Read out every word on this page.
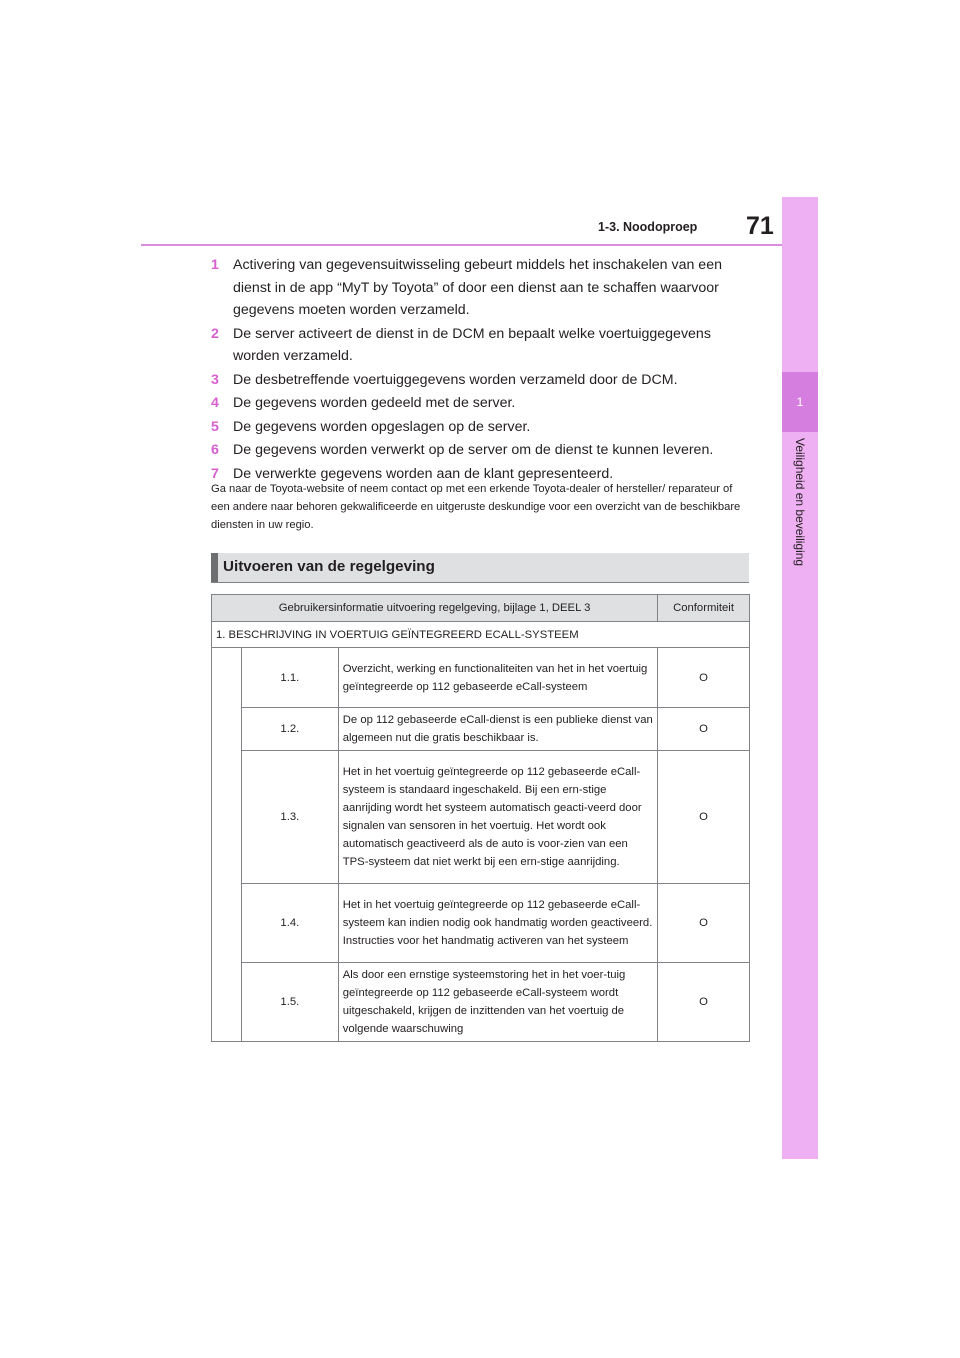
1
Veiligheid en beveiliging
1-3. Noodoproep 71
1 Activering van gegevensuitwisseling gebeurt middels het inschakelen van een dienst in de app “MyT by Toyota” of door een dienst aan te schaffen waarvoor gegevens moeten worden verzameld.
2 De server activeert de dienst in de DCM en bepaalt welke voertuiggegevens worden verzameld.
3 De desbetreffende voertuiggegevens worden verzameld door de DCM.
4 De gegevens worden gedeeld met de server.
5 De gegevens worden opgeslagen op de server.
6 De gegevens worden verwerkt op de server om de dienst te kunnen leveren.
7 De verwerkte gegevens worden aan de klant gepresenteerd.
Ga naar de Toyota-website of neem contact op met een erkende Toyota-dealer of hersteller/ reparateur of een andere naar behoren gekwalificeerde en uitgeruste deskundige voor een overzicht van de beschikbare diensten in uw regio.
Uitvoeren van de regelgeving
Gebruikersinformatie uitvoering regelgeving, bijlage 1, DEEL 3			Conformiteit
1. BESCHRIJVING IN VOERTUIG GEÏNTEGREERD ECALL-SYSTEEM			
	1.1.	Overzicht, werking en functionaliteiten van het in het voertuig geïntegreerde op 112 gebaseerde eCall-systeem	O
	1.2.	De op 112 gebaseerde eCall-dienst is een publieke dienst van algemeen nut die gratis beschikbaar is.	O
	1.3.	Het in het voertuig geïntegreerde op 112 gebaseerde eCall-systeem is standaard ingeschakeld. Bij een ern-stige aanrijding wordt het systeem automatisch geacti-veerd door signalen van sensoren in het voertuig. Het wordt ook automatisch geactiveerd als de auto is voor-zien van een TPS-systeem dat niet werkt bij een ern-stige aanrijding.	O
	1.4.	Het in het voertuig geïntegreerde op 112 gebaseerde eCall-systeem kan indien nodig ook handmatig worden geactiveerd. Instructies voor het handmatig activeren van het systeem	O
	1.5.	Als door een ernstige systeemstoring het in het voer-tuig geïntegreerde op 112 gebaseerde eCall-systeem wordt uitgeschakeld, krijgen de inzittenden van het voertuig de volgende waarschuwing	O
